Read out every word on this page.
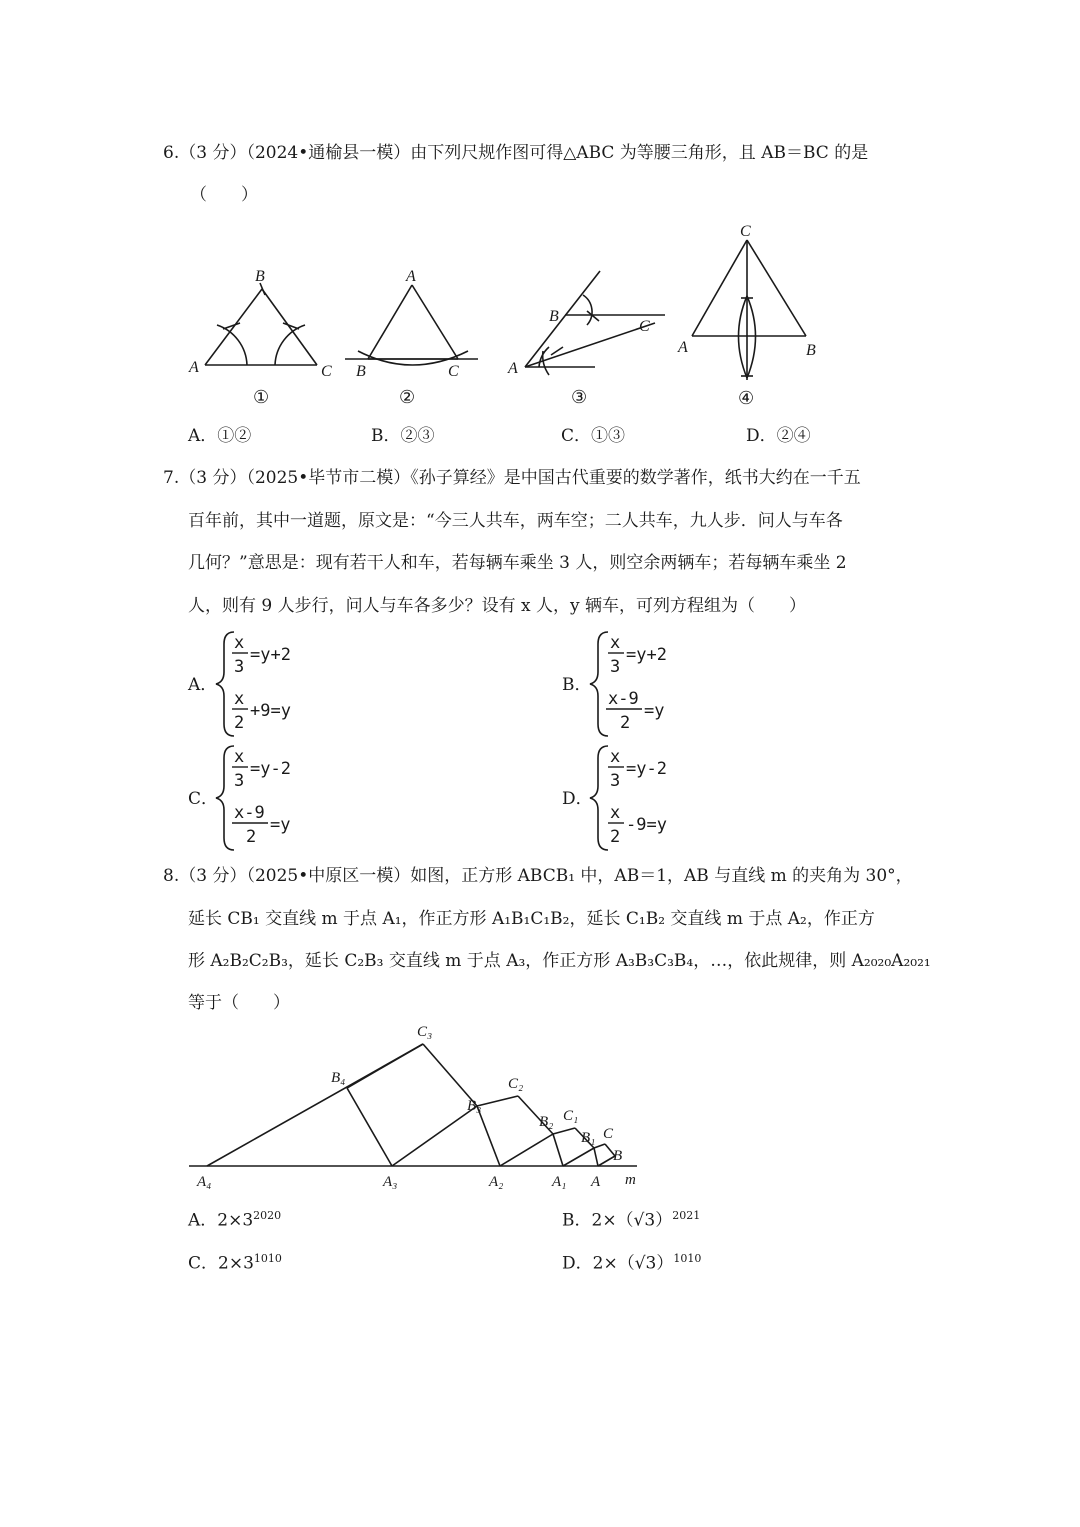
6.（3 分）（2024•通榆县一模）由下列尺规作图可得△ABC 为等腰三角形，且 AB＝BC 的是
（　　）
B
A	C
①
A
B	C
②
B
C
A
③
C
A	B
④
A．①②	B．②③	C．①③	D．②④
7.（3 分）（2025•毕节市二模）《孙子算经》是中国古代重要的数学著作，纸书大约在一千五
百年前，其中一道题，原文是：“今三人共车，两车空；二人共车，九人步．问人与车各
几何？”意思是：现有若干人和车，若每辆车乘坐 3 人，则空余两辆车；若每辆车乘坐 2
人，则有 9 人步行，问人与车各多少？设有 x 人，y 辆车，可列方程组为（　　）
A．
x
3
=y+2
x
2
+9=y
B．
x
3
=y+2
x-9
2
=y
C．
x
3
=y-2
x-9
2
=y
D．
x
3
=y-2
x
2
-9=y
8.（3 分）（2025•中原区一模）如图，正方形 ABCB₁ 中，AB＝1，AB 与直线 m 的夹角为 30°，
延长 CB₁ 交直线 m 于点 A₁，作正方形 A₁B₁C₁B₂，延长 C₁B₂ 交直线 m 于点 A₂，作正方
形 A₂B₂C₂B₃，延长 C₂B₃ 交直线 m 于点 A₃，作正方形 A₃B₃C₃B₄，…，依此规律，则 A₂₀₂₀A₂₀₂₁
等于（　　）
C₃
B₄	C₂
B₃
B₂ C₁
B₁ C
B
A₄	A₃	A₂	A₁ A m
A．$2\times 3^{2020}$	B．$2\times(√3)^{2021}$
C．$2\times 3^{1010}$	D．$2\times(√3)^{1010}$
